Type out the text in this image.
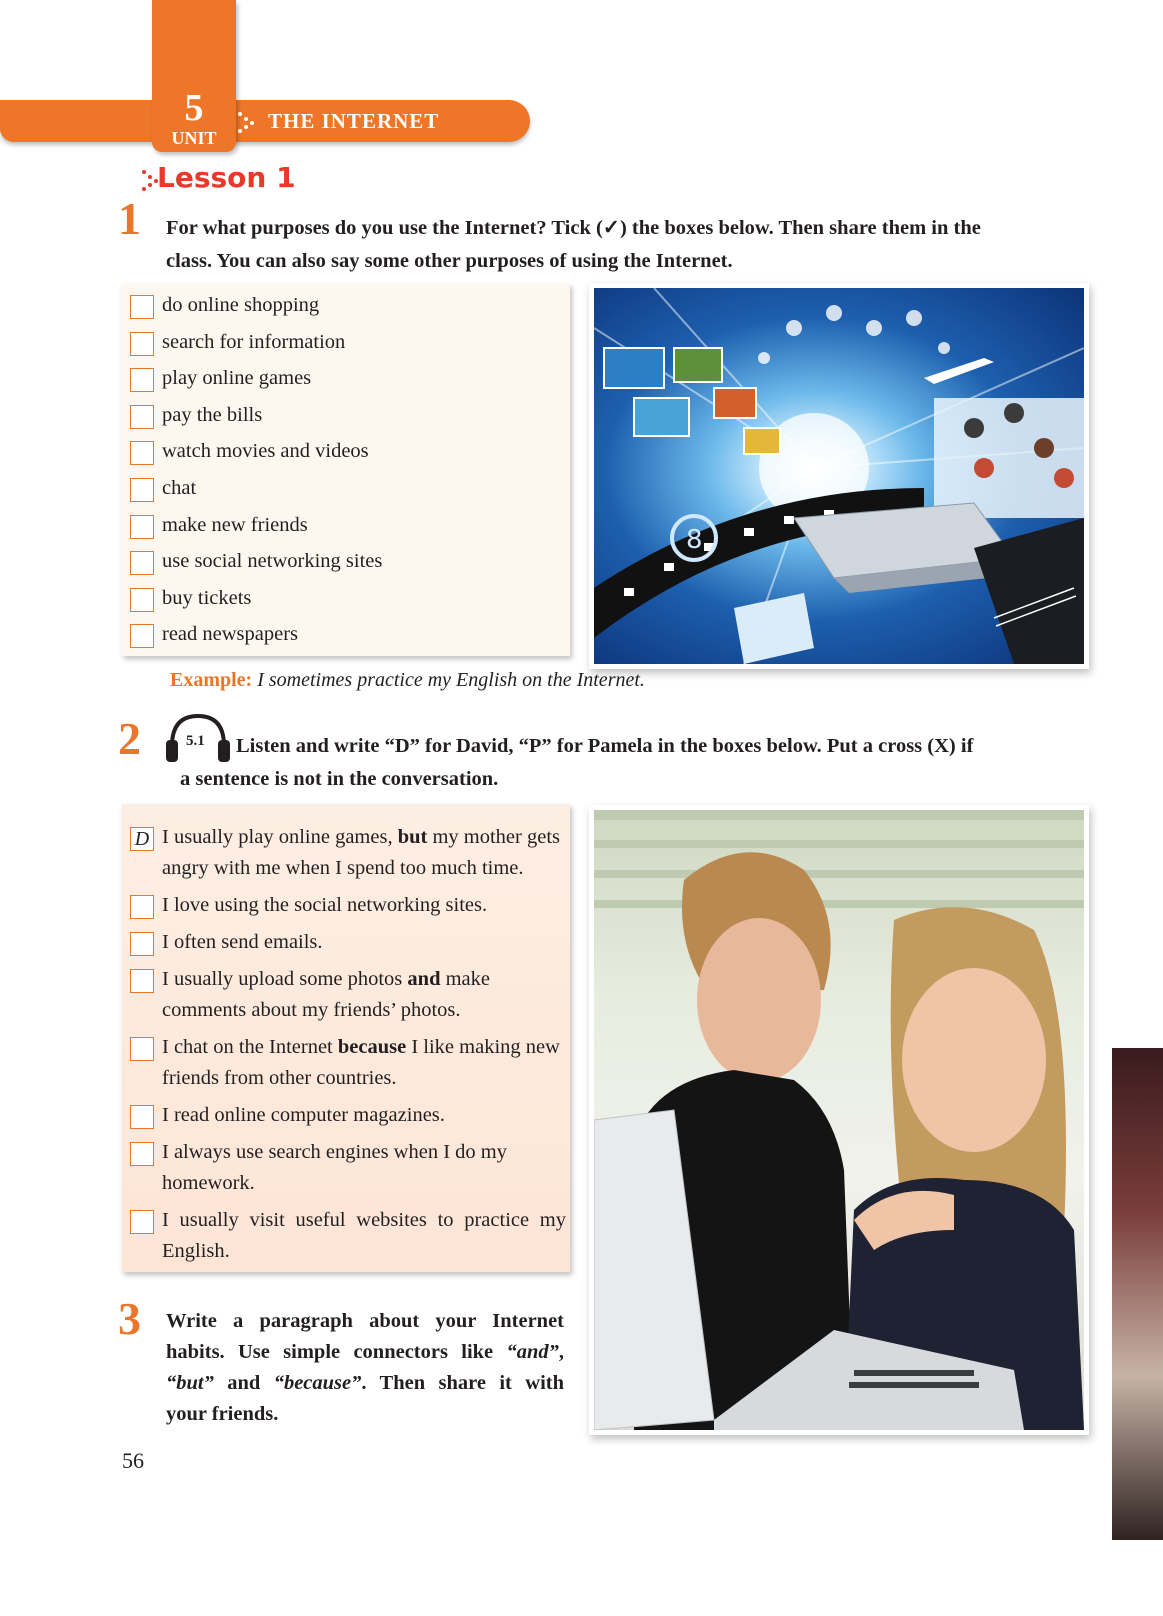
5
UNIT

THE INTERNET
Lesson 1
1 For what purposes do you use the Internet? Tick (✓) the boxes below. Then share them in the
class. You can also say some other purposes of using the Internet.
do online shopping
search for information
play online games
pay the bills
watch movies and videos
chat
make new friends
use social networking sites
buy tickets
read newspapers
Example: I sometimes practice my English on the Internet.
8
2	5.1 Listen and write “D” for David, “P” for Pamela in the boxes below. Put a cross (X) if
a sentence is not in the conversation.
D I usually play online games, but my mother gets
angry with me when I spend too much time.
I love using the social networking sites.
I often send emails.
I usually upload some photos and make
comments about my friends’ photos.
I chat on the Internet because I like making new
friends from other countries.
I read online computer magazines.
I always use search engines when I do my
homework.
I usually visit useful websites to practice my
English.
3 Write a paragraph about your Internet
habits. Use simple connectors like “and”,
“but” and “because”. Then share it with
your friends.
56
